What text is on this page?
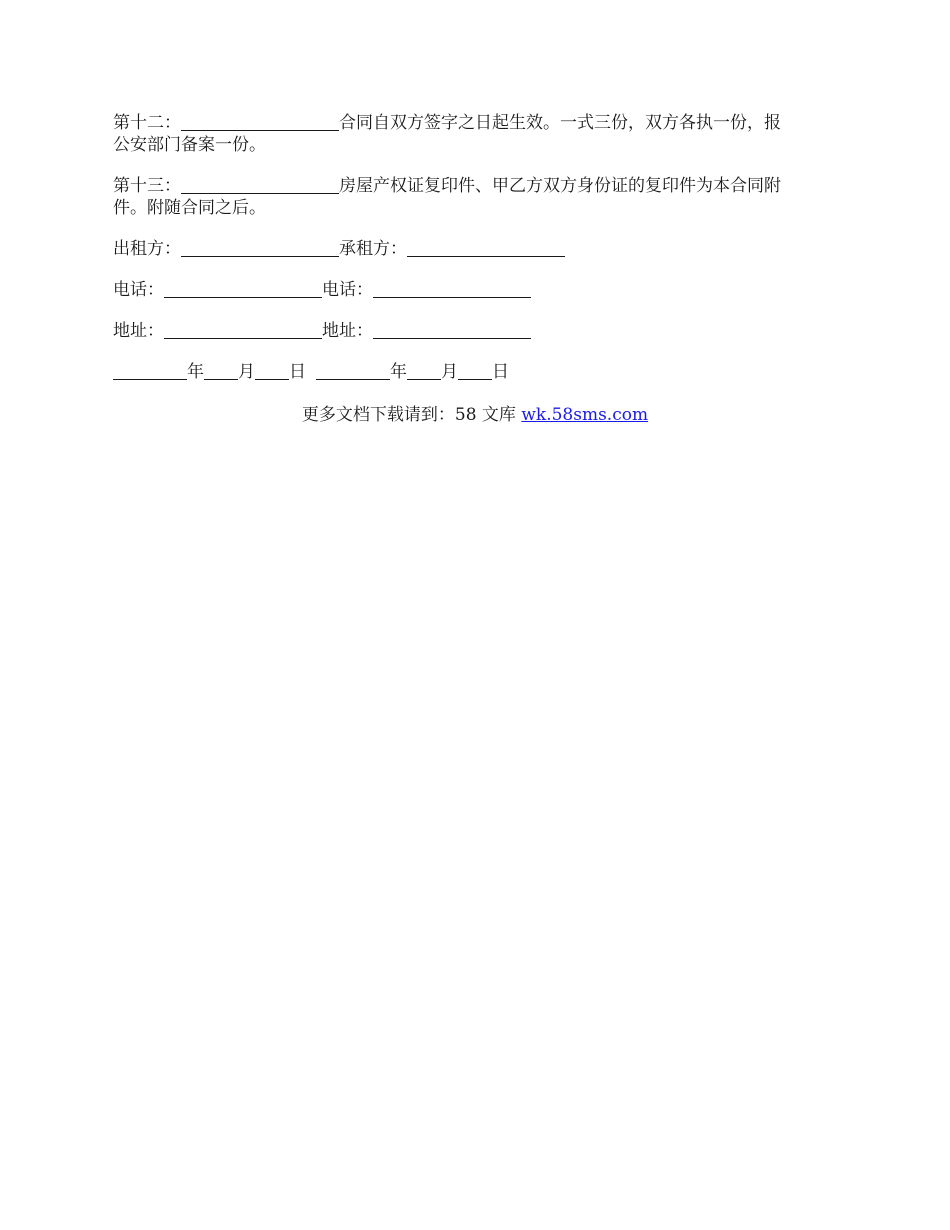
第十二：	合同自双方签字之日起生效。一式三份，双方各执一份，报
公安部门备案一份。

第十三：	房屋产权证复印件、甲乙方双方身份证的复印件为本合同附
件。附随合同之后。

出租方：	承租方：
电话：	电话：
地址：	地址：
年 月 日	年 月 日
更多文档下载请到：58 文库 wk.58sms.com
